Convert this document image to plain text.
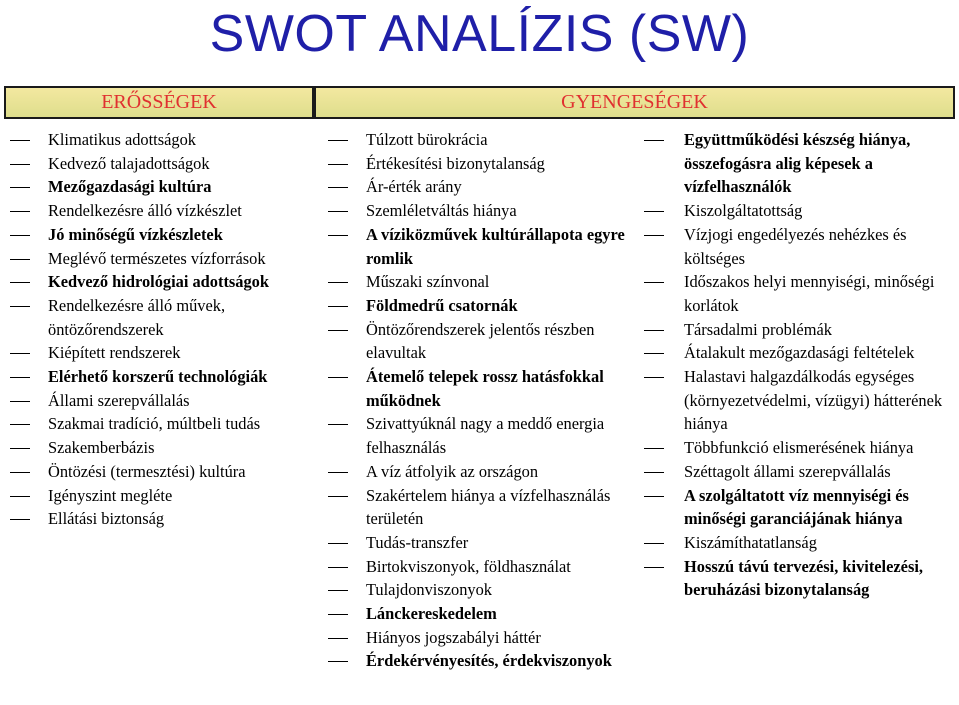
SWOT ANALÍZIS (SW)
ERŐSSÉGEK	GYENGESÉGEK
Klimatikus adottságok
Kedvező talajadottságok
Mezőgazdasági kultúra
Rendelkezésre álló vízkészlet
Jó minőségű vízkészletek
Meglévő természetes vízforrások
Kedvező hidrológiai adottságok
Rendelkezésre álló művek, öntözőrendszerek
Kiépített rendszerek
Elérhető korszerű technológiák
Állami szerepvállalás
Szakmai tradíció, múltbeli tudás
Szakemberbázis
Öntözési (termesztési) kultúra
Igényszint megléte
Ellátási biztonság
Túlzott bürokrácia
Értékesítési bizonytalanság
Ár-érték arány
Szemléletváltás hiánya
A víziközművek kultúrállapota egyre romlik
Műszaki színvonal
Földmedrű csatornák
Öntözőrendszerek jelentős részben elavultak
Átemelő telepek rossz hatásfokkal működnek
Szivattyúknál nagy a meddő energia felhasználás
A víz átfolyik az országon
Szakértelem hiánya a vízfelhasználás területén
Tudás-transzfer
Birtokviszonyok, földhasználat
Tulajdonviszonyok
Lánckereskedelem
Hiányos jogszabályi háttér
Érdekérvényesítés, érdekviszonyok
Együttműködési készség hiánya, összefogásra alig képesek a vízfelhasználók
Kiszolgáltatottság
Vízjogi engedélyezés nehézkes és költséges
Időszakos helyi mennyiségi, minőségi korlátok
Társadalmi problémák
Átalakult mezőgazdasági feltételek
Halastavi halgazdálkodás egységes (környezetvédelmi, vízügyi) hátterének hiánya
Többfunkció elismerésének hiánya
Széttagolt állami szerepvállalás
A szolgáltatott víz mennyiségi és minőségi garanciájának hiánya
Kiszámíthatatlanság
Hosszú távú tervezési, kivitelezési, beruházási bizonytalanság
